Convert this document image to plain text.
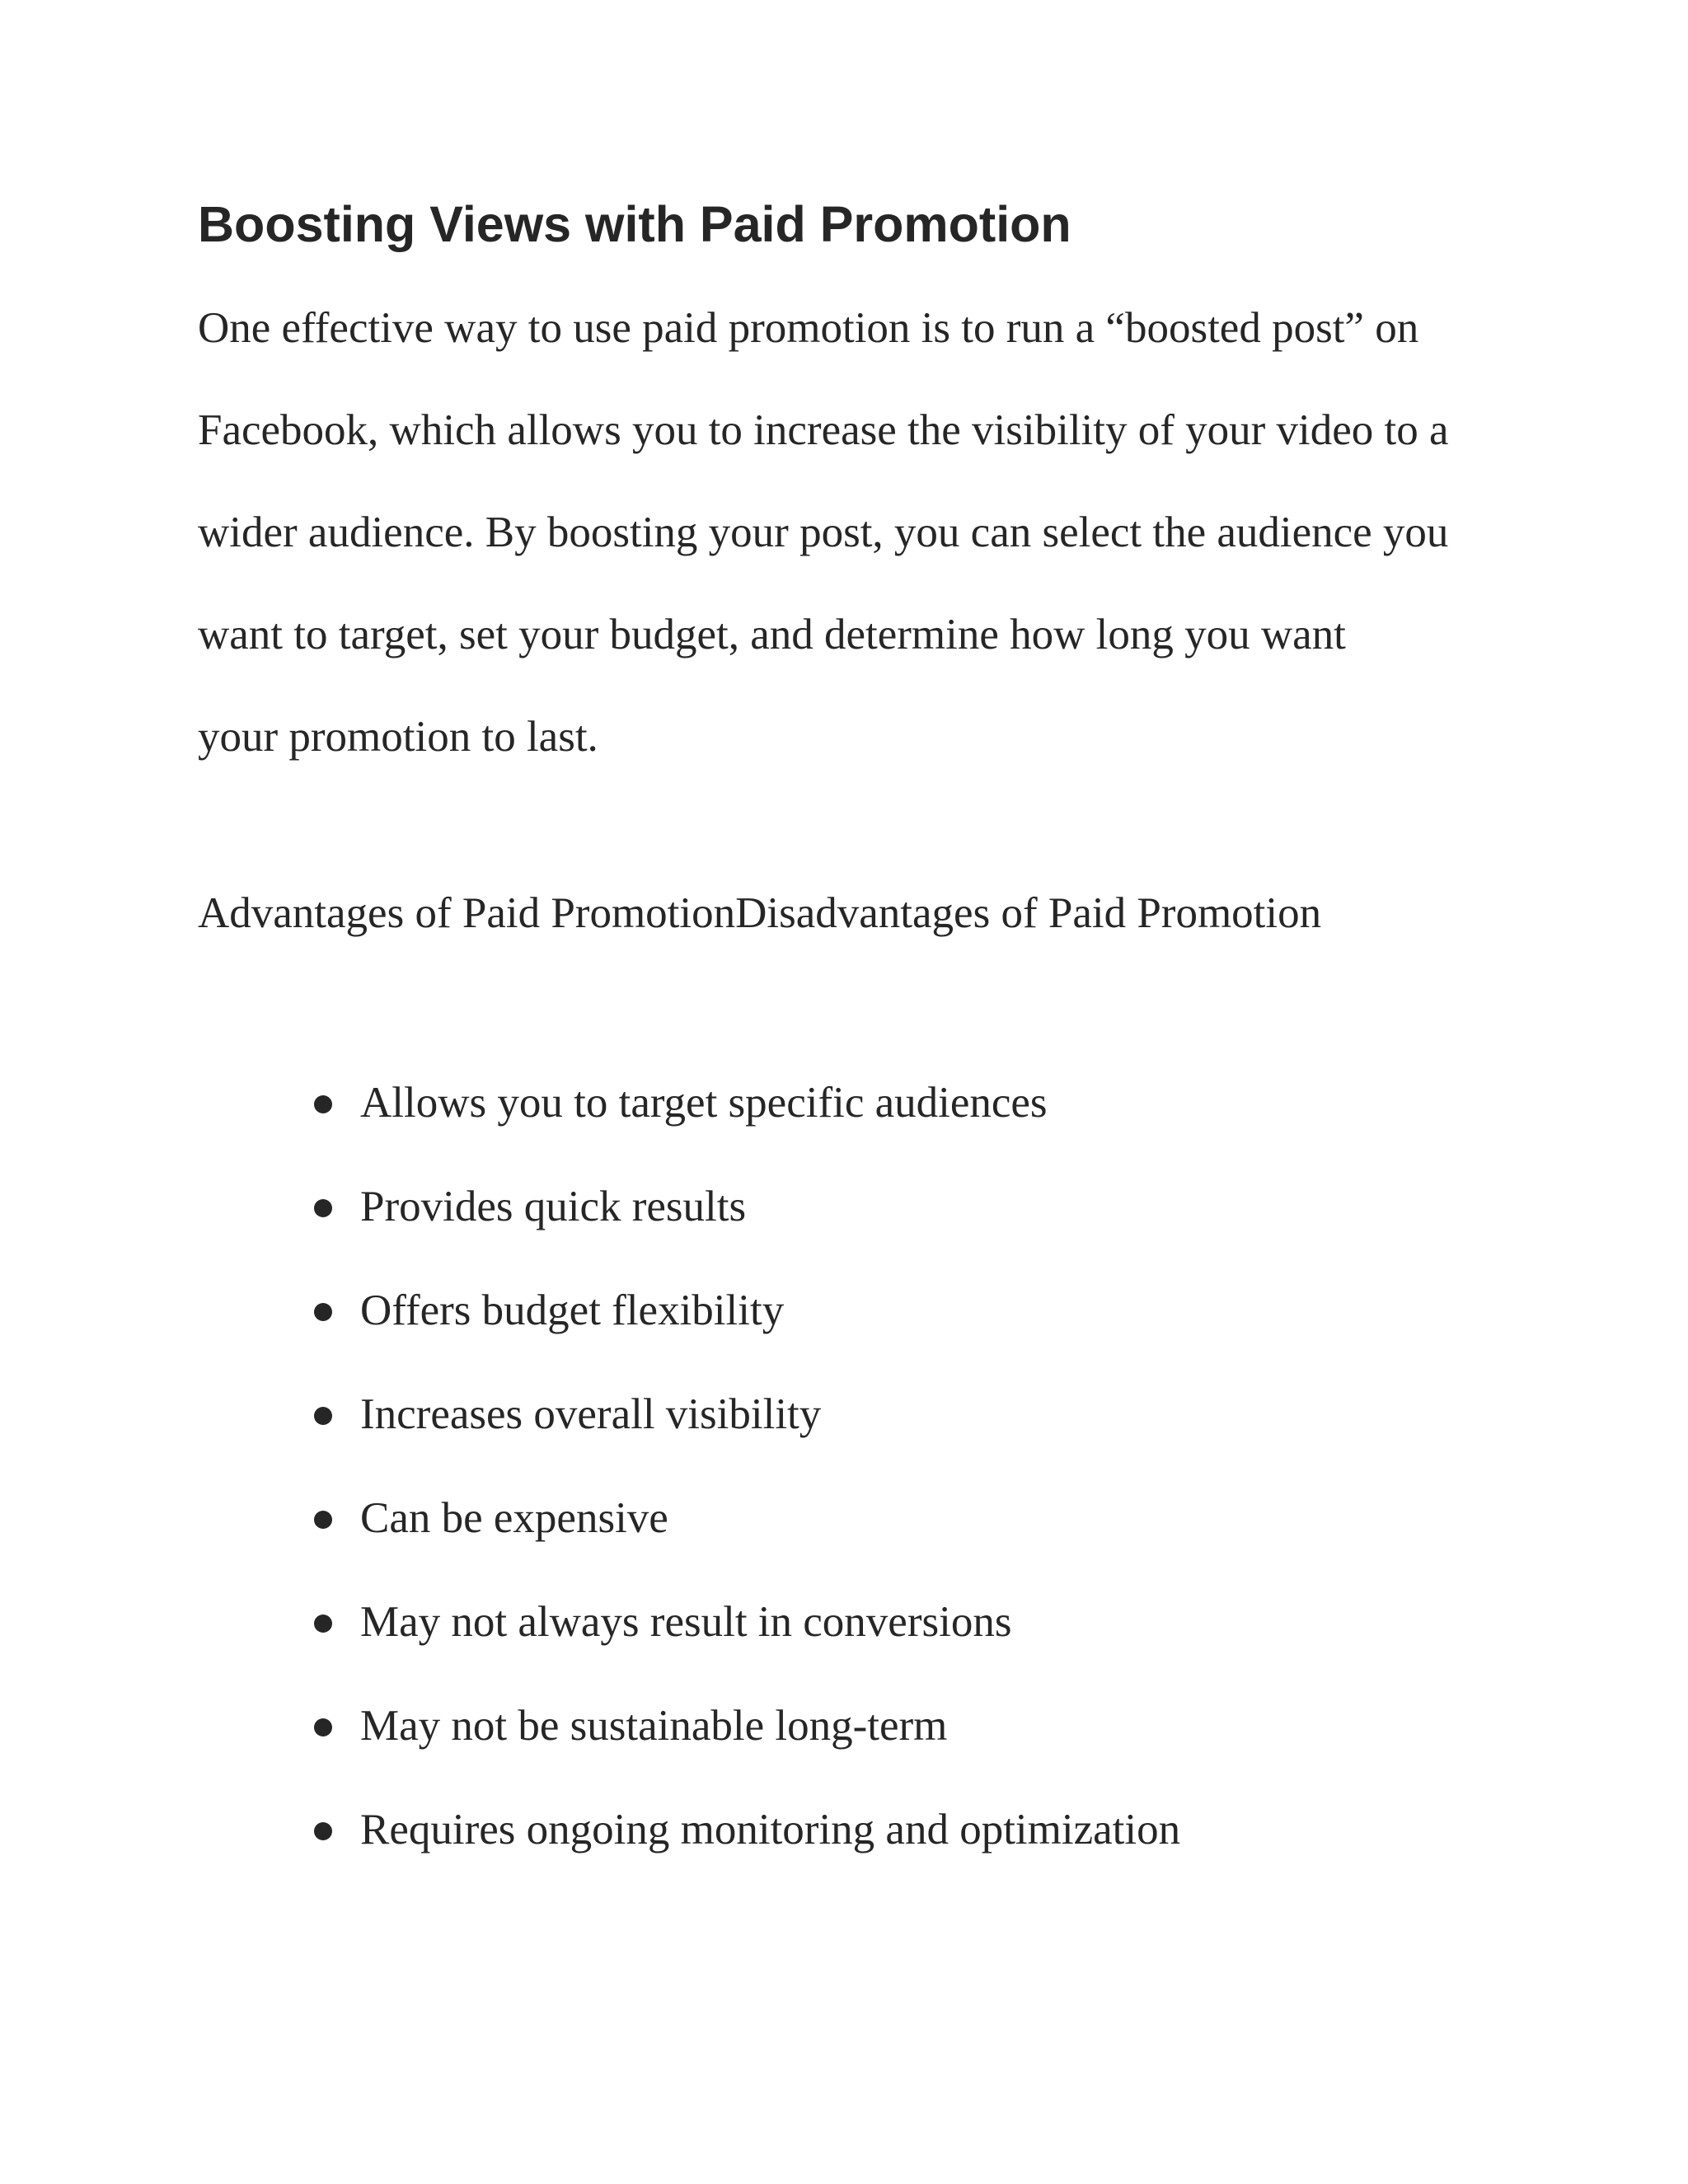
Boosting Views with Paid Promotion

One effective way to use paid promotion is to run a “boosted post” on
Facebook, which allows you to increase the visibility of your video to a
wider audience. By boosting your post, you can select the audience you
want to target, set your budget, and determine how long you want
your promotion to last.

Advantages of Paid PromotionDisadvantages of Paid Promotion

Allows you to target specific audiences
Provides quick results
Offers budget flexibility
Increases overall visibility
Can be expensive
May not always result in conversions
May not be sustainable long-term
Requires ongoing monitoring and optimization
